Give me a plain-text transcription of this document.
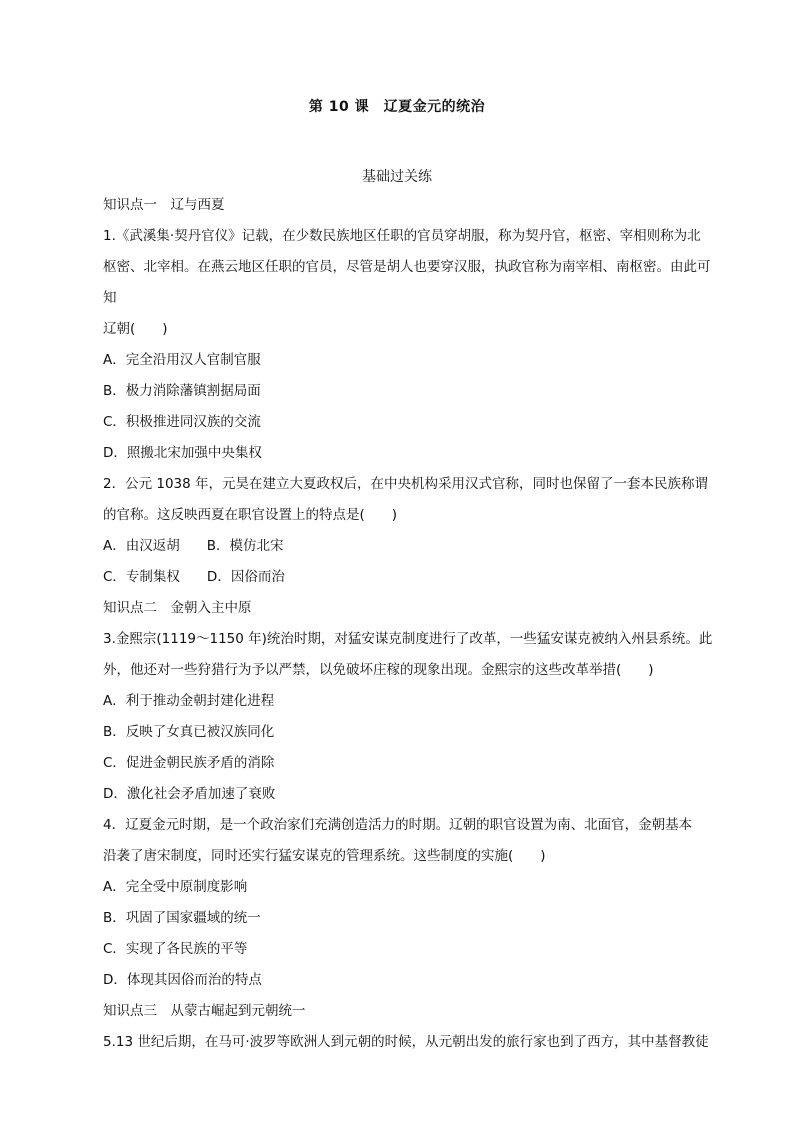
第 10 课　辽夏金元的统治
基础过关练

知识点一　辽与西夏

1.《武溪集·契丹官仪》记载，在少数民族地区任职的官员穿胡服，称为契丹官，枢密、宰相则称为北

枢密、北宰相。在燕云地区任职的官员，尽管是胡人也要穿汉服，执政官称为南宰相、南枢密。由此可知

辽朝(　　)

A．完全沿用汉人官制官服

B．极力消除藩镇割据局面

C．积极推进同汉族的交流

D．照搬北宋加强中央集权

2．公元 1038 年，元昊在建立大夏政权后，在中央机构采用汉式官称，同时也保留了一套本民族称谓

的官称。这反映西夏在职官设置上的特点是(　　)

A．由汉返胡　　B．模仿北宋

C．专制集权　　D．因俗而治

知识点二　金朝入主中原

3.金熙宗(1119～1150 年)统治时期，对猛安谋克制度进行了改革，一些猛安谋克被纳入州县系统。此

外，他还对一些狩猎行为予以严禁，以免破坏庄稼的现象出现。金熙宗的这些改革举措(　　)

A．利于推动金朝封建化进程

B．反映了女真已被汉族同化

C．促进金朝民族矛盾的消除

D．激化社会矛盾加速了衰败

4．辽夏金元时期，是一个政治家们充满创造活力的时期。辽朝的职官设置为南、北面官，金朝基本

沿袭了唐宋制度，同时还实行猛安谋克的管理系统。这些制度的实施(　　)

A．完全受中原制度影响

B．巩固了国家疆域的统一

C．实现了各民族的平等

D．体现其因俗而治的特点

知识点三　从蒙古崛起到元朝统一

5.13 世纪后期，在马可·波罗等欧洲人到元朝的时候，从元朝出发的旅行家也到了西方，其中基督教徒
